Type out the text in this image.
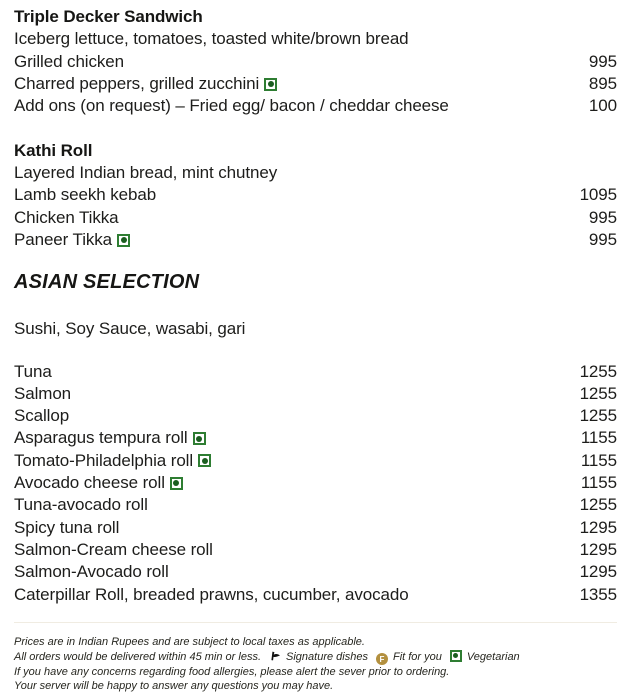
Triple Decker Sandwich
Iceberg lettuce, tomatoes, toasted white/brown bread
Grilled chicken	995
Charred peppers, grilled zucchini	895
Add ons (on request) – Fried egg/ bacon / cheddar cheese	100
Kathi Roll
Layered Indian bread, mint chutney
Lamb seekh kebab	1095
Chicken Tikka	995
Paneer Tikka	995
ASIAN SELECTION
Sushi, Soy Sauce, wasabi, gari
Tuna	1255
Salmon	1255
Scallop	1255
Asparagus tempura roll	1155
Tomato-Philadelphia roll	1155
Avocado cheese roll	1155
Tuna-avocado roll	1255
Spicy tuna roll	1295
Salmon-Cream cheese roll	1295
Salmon-Avocado roll	1295
Caterpillar Roll, breaded prawns, cucumber, avocado	1355
Prices are in Indian Rupees and are subject to local taxes as applicable.
All orders would be delivered within 45 min or less. Signature dishes F Fit for you Vegetarian
If you have any concerns regarding food allergies, please alert the sever prior to ordering.
Your server will be happy to answer any questions you may have.
